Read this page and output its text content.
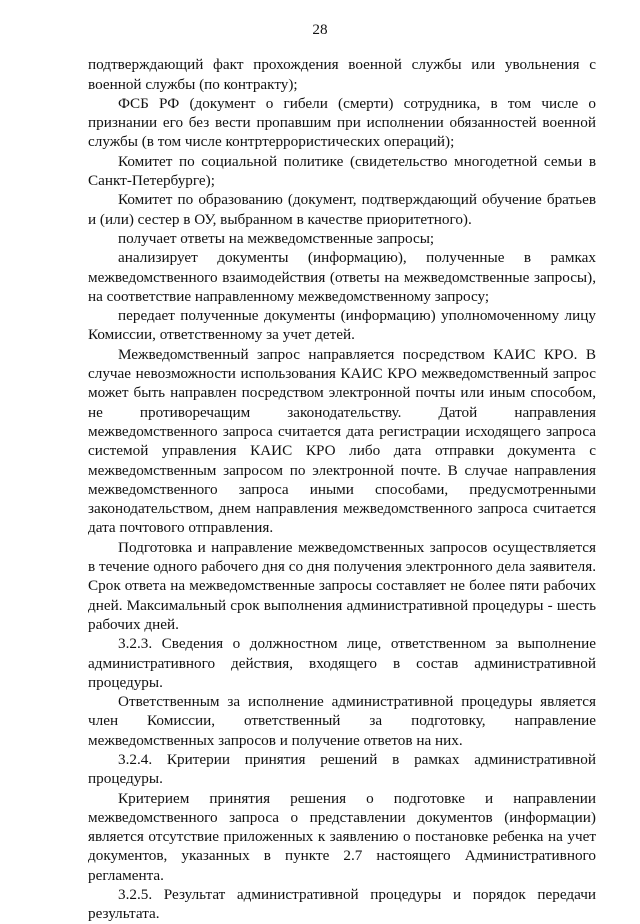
28

подтверждающий факт прохождения военной службы или увольнения с военной службы (по контракту);

ФСБ РФ (документ о гибели (смерти) сотрудника, в том числе о признании его без вести пропавшим при исполнении обязанностей военной службы (в том числе контртеррористических операций);

Комитет по социальной политике (свидетельство многодетной семьи в Санкт-Петербурге);

Комитет по образованию (документ, подтверждающий обучение братьев и (или) сестер в ОУ, выбранном в качестве приоритетного).

получает ответы на межведомственные запросы;

анализирует документы (информацию), полученные в рамках межведомственного взаимодействия (ответы на межведомственные запросы), на соответствие направленному межведомственному запросу;

передает полученные документы (информацию) уполномоченному лицу Комиссии, ответственному за учет детей.

Межведомственный запрос направляется посредством КАИС КРО. В случае невозможности использования КАИС КРО межведомственный запрос может быть направлен посредством электронной почты или иным способом, не противоречащим законодательству. Датой направления межведомственного запроса считается дата регистрации исходящего запроса системой управления КАИС КРО либо дата отправки документа с межведомственным запросом по электронной почте. В случае направления межведомственного запроса иными способами, предусмотренными законодательством, днем направления межведомственного запроса считается дата почтового отправления.

Подготовка и направление межведомственных запросов осуществляется в течение одного рабочего дня со дня получения электронного дела заявителя. Срок ответа на межведомственные запросы составляет не более пяти рабочих дней. Максимальный срок выполнения административной процедуры - шесть рабочих дней.

3.2.3. Сведения о должностном лице, ответственном за выполнение административного действия, входящего в состав административной процедуры.

Ответственным за исполнение административной процедуры является член Комиссии, ответственный за подготовку, направление межведомственных запросов и получение ответов на них.

3.2.4. Критерии принятия решений в рамках административной процедуры.

Критерием принятия решения о подготовке и направлении межведомственного запроса о представлении документов (информации) является отсутствие приложенных к заявлению о постановке ребенка на учет документов, указанных в пункте 2.7 настоящего Административного регламента.

3.2.5. Результат административной процедуры и порядок передачи результата.
